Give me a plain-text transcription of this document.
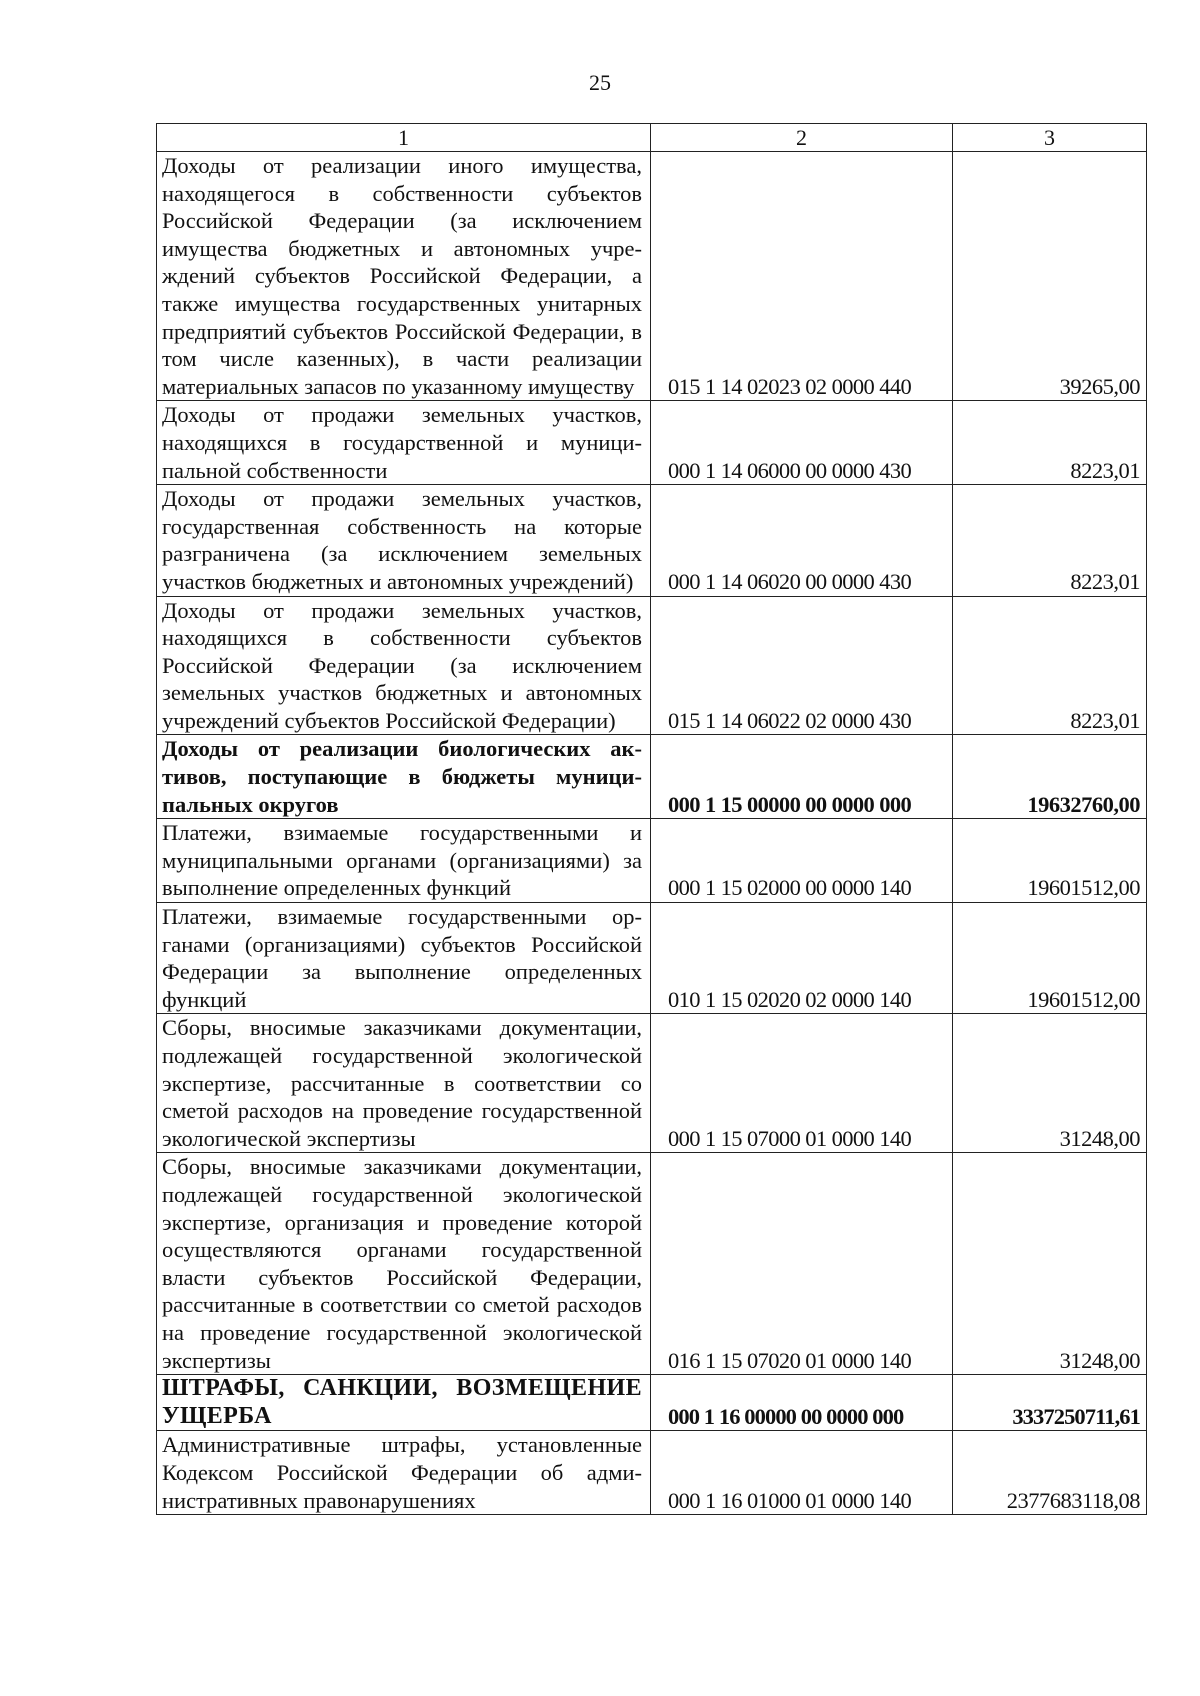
25
1	2	3
Доходы от реализации иного имущества, находящегося в собственности субъектов Российской Федерации (за исключением имущества бюджетных и автономных учреждений субъектов Российской Федерации, а также имущества государственных унитарных предприятий субъектов Российской Федерации, в том числе казенных), в части реализации материальных запасов по указанному имуществу	015 1 14 02023 02 0000 440	39265,00
Доходы от продажи земельных участков, находящихся в государственной и муниципальной собственности	000 1 14 06000 00 0000 430	8223,01
Доходы от продажи земельных участков, государственная собственность на которые разграничена (за исключением земельных участков бюджетных и автономных учреждений)	000 1 14 06020 00 0000 430	8223,01
Доходы от продажи земельных участков, находящихся в собственности субъектов Российской Федерации (за исключением земельных участков бюджетных и автономных учреждений субъектов Российской Федерации)	015 1 14 06022 02 0000 430	8223,01
Доходы от реализации биологических активов, поступающие в бюджеты муниципальных округов	000 1 15 00000 00 0000 000	19632760,00
Платежи, взимаемые государственными и муниципальными органами (организациями) за выполнение определенных функций	000 1 15 02000 00 0000 140	19601512,00
Платежи, взимаемые государственными органами (организациями) субъектов Российской Федерации за выполнение определенных функций	010 1 15 02020 02 0000 140	19601512,00
Сборы, вносимые заказчиками документации, подлежащей государственной экологической экспертизе, рассчитанные в соответствии со сметой расходов на проведение государственной экологической экспертизы	000 1 15 07000 01 0000 140	31248,00
Сборы, вносимые заказчиками документации, подлежащей государственной экологической экспертизе, организация и проведение которой осуществляются органами государственной власти субъектов Российской Федерации, рассчитанные в соответствии со сметой расходов на проведение государственной экологической экспертизы	016 1 15 07020 01 0000 140	31248,00
ШТРАФЫ, САНКЦИИ, ВОЗМЕЩЕНИЕ УЩЕРБА	000 1 16 00000 00 0000 000	3337250711,61
Административные штрафы, установленные Кодексом Российской Федерации об административных правонарушениях	000 1 16 01000 01 0000 140	2377683118,08
